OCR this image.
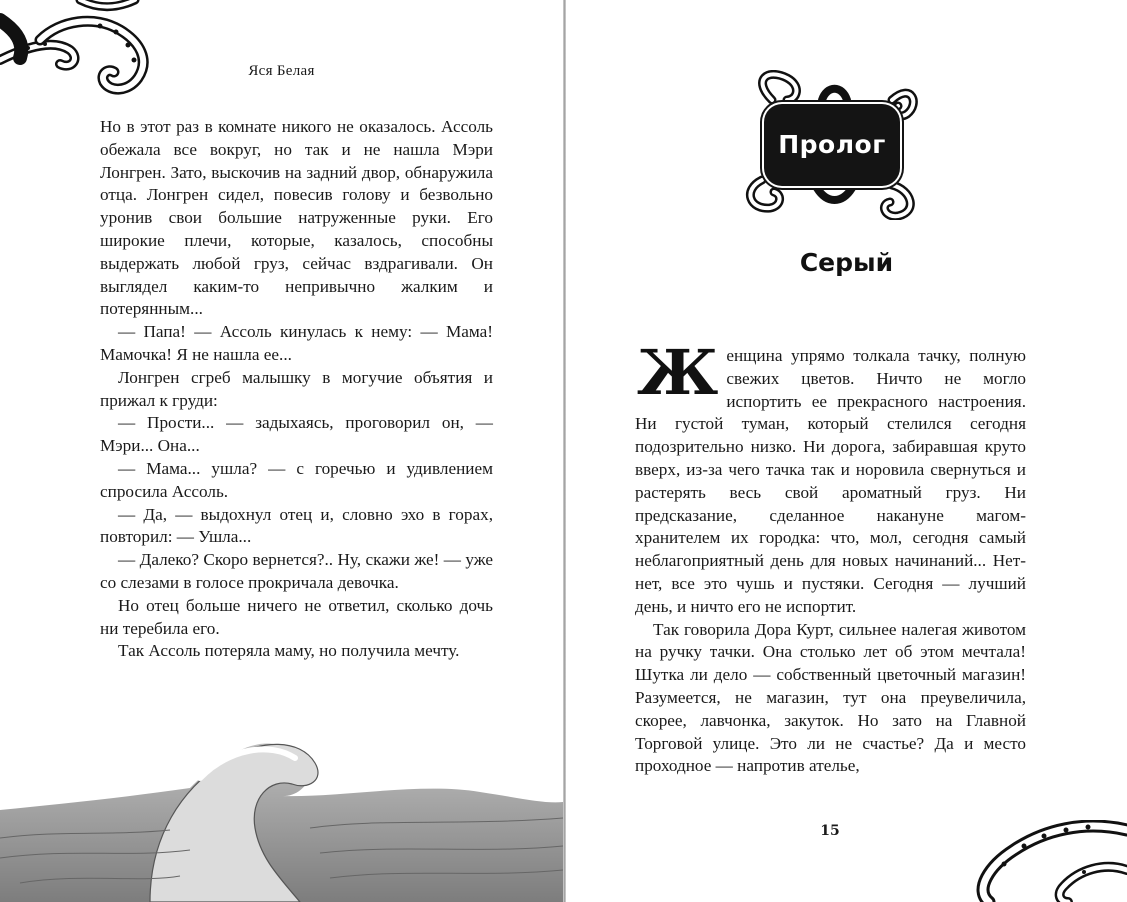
Яся Белая

Но в этот раз в комнате никого не оказалось. Ассоль обежала все вокруг, но так и не нашла Мэри Лонгрен. Зато, выскочив на задний двор, обнаружила отца. Лонгрен сидел, повесив голову и безвольно уронив свои большие натруженные руки. Его широкие плечи, которые, казалось, способны выдержать любой груз, сейчас вздрагивали. Он выглядел каким-то непривычно жалким и потерянным...

— Папа! — Ассоль кинулась к нему: — Мама! Мамочка! Я не нашла ее...

Лонгрен сгреб малышку в могучие объятия и прижал к груди:

— Прости... — задыхаясь, проговорил он, — Мэри... Она...

— Мама... ушла? — с горечью и удивлением спросила Ассоль.

— Да, — выдохнул отец и, словно эхо в горах, повторил: — Ушла...

— Далеко? Скоро вернется?.. Ну, скажи же! — уже со слезами в голосе прокричала девочка.

Но отец больше ничего не ответил, сколько дочь ни теребила его.

Так Ассоль потеряла маму, но получила мечту.

Пролог
Серый

Женщина упрямо толкала тачку, полную свежих цветов. Ничто не могло испортить ее прекрасного настроения. Ни густой туман, который стелился сегодня подозрительно низко. Ни дорога, забиравшая круто вверх, из-за чего тачка так и норовила свернуться и растерять весь свой ароматный груз. Ни предсказание, сделанное накануне магом-хранителем их городка: что, мол, сегодня самый неблагоприятный день для новых начинаний... Нет-нет, все это чушь и пустяки. Сегодня — лучший день, и ничто его не испортит.

Так говорила Дора Курт, сильнее налегая животом на ручку тачки. Она столько лет об этом мечтала! Шутка ли дело — собственный цветочный магазин! Разумеется, не магазин, тут она преувеличила, скорее, лавчонка, закуток. Но зато на Главной Торговой улице. Это ли не счастье? Да и место проходное — напротив ателье,

15
